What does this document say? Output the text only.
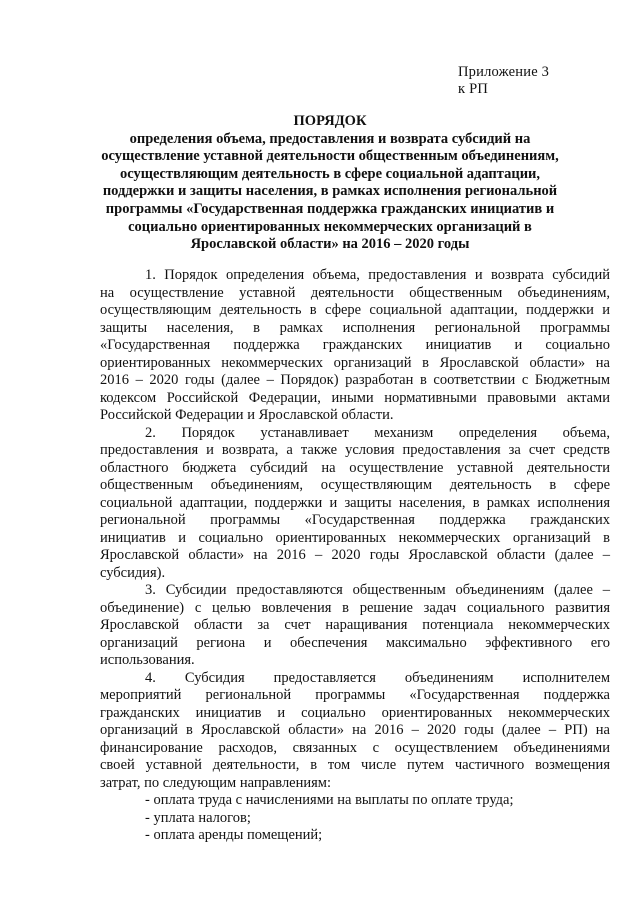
Приложение 3
к РП
ПОРЯДОК
определения объема, предоставления и возврата субсидий на
осуществление уставной деятельности общественным объединениям,
осуществляющим деятельность в сфере социальной адаптации,
поддержки и защиты населения, в рамках исполнения региональной
программы «Государственная поддержка гражданских инициатив и
социально ориентированных некоммерческих организаций в
Ярославской области» на 2016 – 2020 годы
1. Порядок определения объема, предоставления и возврата субсидий
на осуществление уставной деятельности общественным объединениям,
осуществляющим деятельность в сфере социальной адаптации, поддержки и
защиты населения, в рамках исполнения региональной программы
«Государственная поддержка гражданских инициатив и социально
ориентированных некоммерческих организаций в Ярославской области» на
2016 – 2020 годы (далее – Порядок) разработан в соответствии с Бюджетным
кодексом Российской Федерации, иными нормативными правовыми актами
Российской Федерации и Ярославской области.
2. Порядок устанавливает механизм определения объема,
предоставления и возврата, а также условия предоставления за счет средств
областного бюджета субсидий на осуществление уставной деятельности
общественным объединениям, осуществляющим деятельность в сфере
социальной адаптации, поддержки и защиты населения, в рамках исполнения
региональной программы «Государственная поддержка гражданских
инициатив и социально ориентированных некоммерческих организаций в
Ярославской области» на 2016 – 2020 годы Ярославской области (далее –
субсидия).
3. Субсидии предоставляются общественным объединениям (далее –
объединение) с целью вовлечения в решение задач социального развития
Ярославской области за счет наращивания потенциала некоммерческих
организаций региона и обеспечения максимально эффективного его
использования.
4. Субсидия предоставляется объединениям исполнителем
мероприятий региональной программы «Государственная поддержка
гражданских инициатив и социально ориентированных некоммерческих
организаций в Ярославской области» на 2016 – 2020 годы (далее – РП) на
финансирование расходов, связанных с осуществлением объединениями
своей уставной деятельности, в том числе путем частичного возмещения
затрат, по следующим направлениям:
- оплата труда с начислениями на выплаты по оплате труда;
- уплата налогов;
- оплата аренды помещений;
